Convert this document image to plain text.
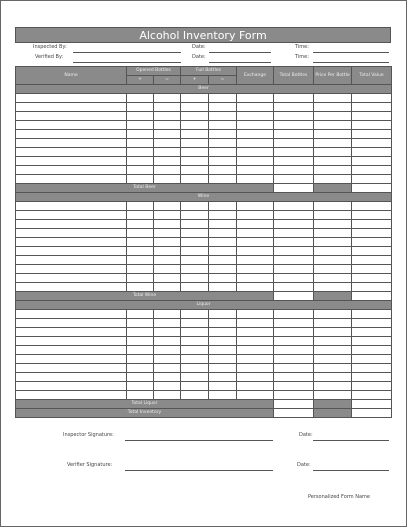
Alcohol Inventory Form
Inspected By:	Date:	Time:
Verified By:	Date:	Time:
Name	Opened Bottles		Full Bottles		Exchange	Total Bottles	Price Per Bottle	Total Value
	+	=	+	=				
Beer								

Total Beer								
Wine								

Total Wine								
Liquor								

Total Liquor								
Total Inventory								
Inspector Signature:	Date:
Verifier Signature:	Date:
Personalized Form Name
